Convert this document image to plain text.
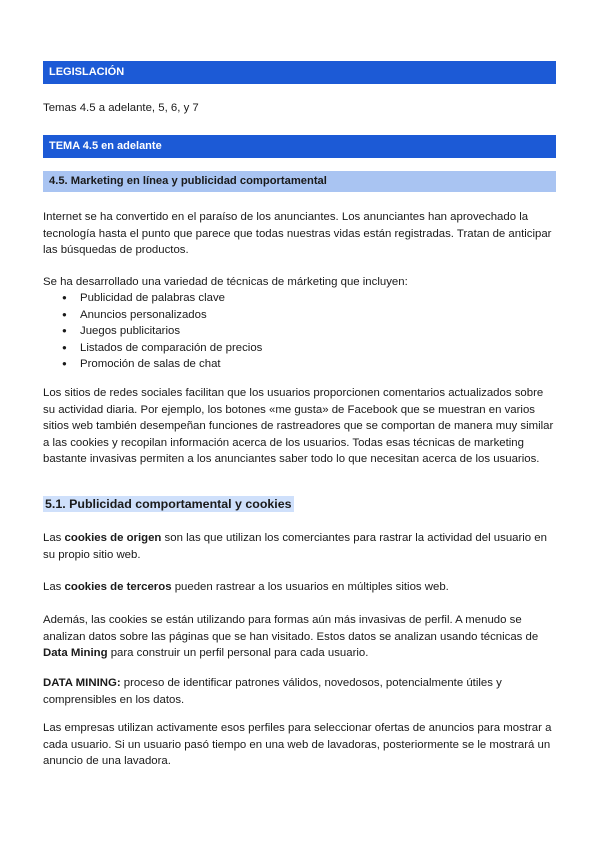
LEGISLACIÓN
Temas 4.5 a adelante, 5, 6, y 7
TEMA 4.5 en adelante
4.5. Marketing en línea y publicidad comportamental
Internet se ha convertido en el paraíso de los anunciantes. Los anunciantes han aprovechado la tecnología hasta el punto que parece que todas nuestras vidas están registradas. Tratan de anticipar las búsquedas de productos.
Se ha desarrollado una variedad de técnicas de márketing que incluyen:
● Publicidad de palabras clave
● Anuncios personalizados
● Juegos publicitarios
● Listados de comparación de precios
● Promoción de salas de chat
Los sitios de redes sociales facilitan que los usuarios proporcionen comentarios actualizados sobre su actividad diaria. Por ejemplo, los botones «me gusta» de Facebook que se muestran en varios sitios web también desempeñan funciones de rastreadores que se comportan de manera muy similar a las cookies y recopilan información acerca de los usuarios. Todas esas técnicas de marketing bastante invasivas permiten a los anunciantes saber todo lo que necesitan acerca de los usuarios.
5.1. Publicidad comportamental y cookies
Las cookies de origen son las que utilizan los comerciantes para rastrar la actividad del usuario en su propio sitio web.
Las cookies de terceros pueden rastrear a los usuarios en múltiples sitios web.
Además, las cookies se están utilizando para formas aún más invasivas de perfil. A menudo se analizan datos sobre las páginas que se han visitado. Estos datos se analizan usando técnicas de Data Mining para construir un perfil personal para cada usuario.
DATA MINING: proceso de identificar patrones válidos, novedosos, potencialmente útiles y comprensibles en los datos.
Las empresas utilizan activamente esos perfiles para seleccionar ofertas de anuncios para mostrar a cada usuario. Si un usuario pasó tiempo en una web de lavadoras, posteriormente se le mostrará un anuncio de una lavadora.
